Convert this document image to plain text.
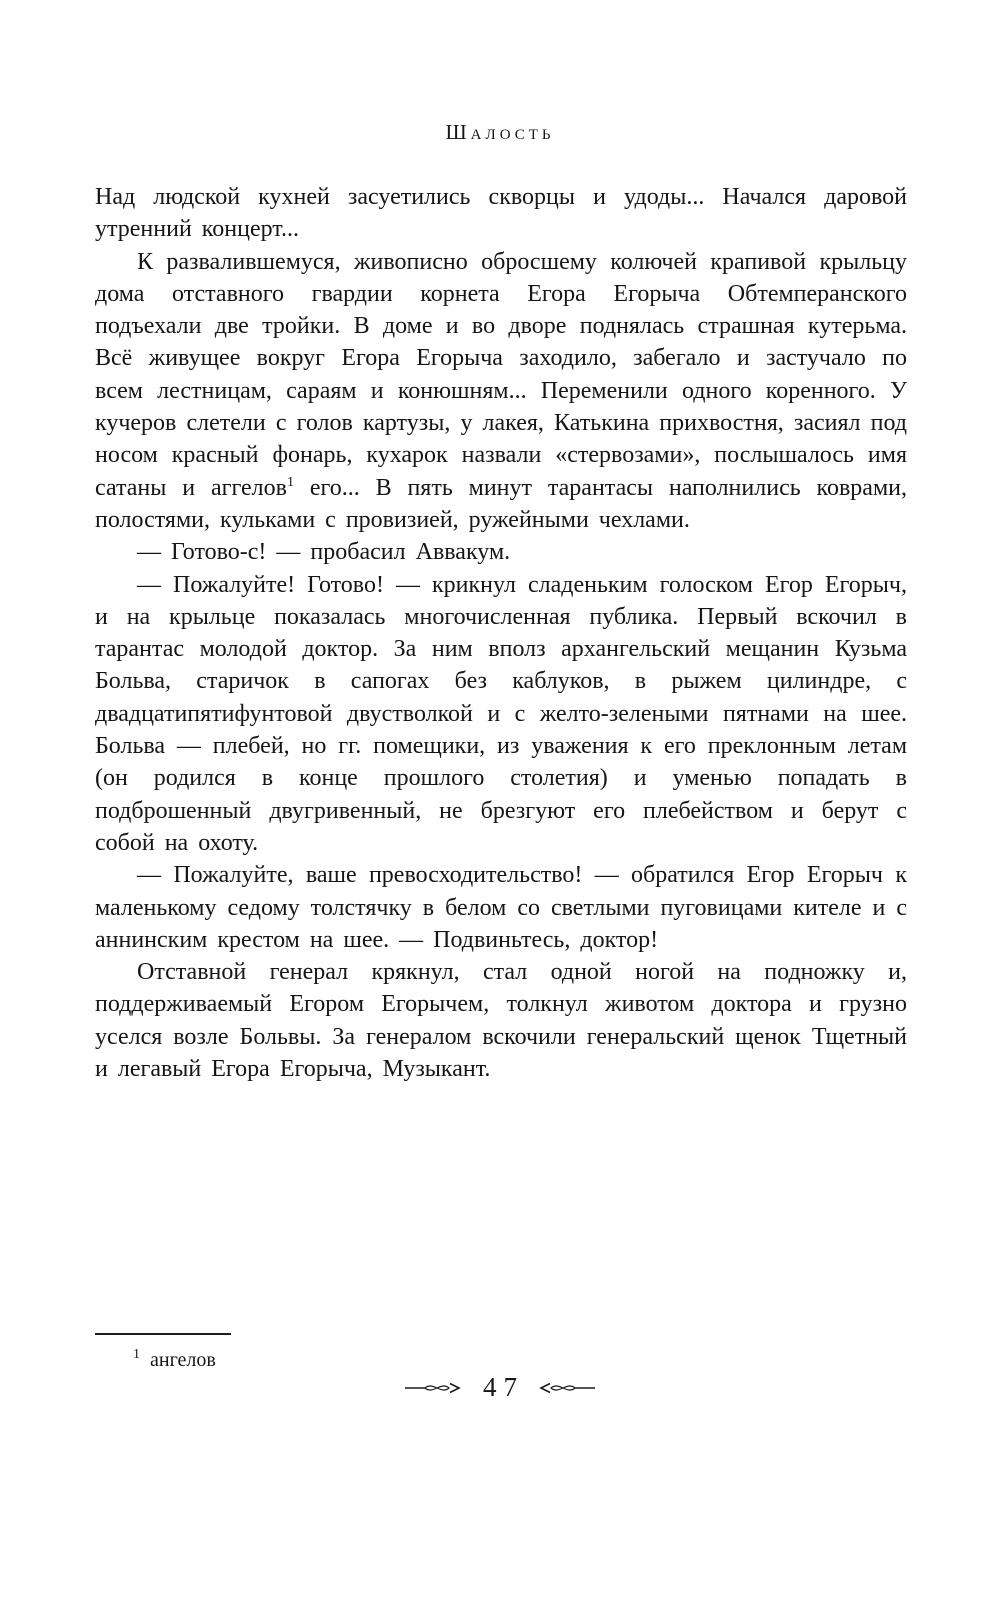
Шалость

Над людской кухней засуетились скворцы и удоды... Начался даровой утренний концерт...

К развалившемуся, живописно обросшему колючей крапивой крыльцу дома отставного гвардии корнета Егора Егорыча Обтемперанского подъехали две тройки. В доме и во дворе поднялась страшная кутерьма. Всё живущее вокруг Егора Егорыча заходило, забегало и застучало по всем лестницам, сараям и конюшням... Переменили одного коренного. У кучеров слетели с голов картузы, у лакея, Катькина прихвостня, засиял под носом красный фонарь, кухарок назвали «стервозами», послышалось имя сатаны и аггелов$^1$ его... В пять минут тарантасы наполнились коврами, полостями, кульками с провизией, ружейными чехлами.

— Готово-с! — пробасил Аввакум.

— Пожалуйте! Готово! — крикнул сладеньким голоском Егор Егорыч, и на крыльце показалась многочисленная публика. Первый вскочил в тарантас молодой доктор. За ним вполз архангельский мещанин Кузьма Больва, старичок в сапогах без каблуков, в рыжем цилиндре, с двадцатипятифунтовой двустволкой и с желто-зелеными пятнами на шее. Больва — плебей, но гг. помещики, из уважения к его преклонным летам (он родился в конце прошлого столетия) и уменью попадать в подброшенный двугривенный, не брезгуют его плебейством и берут с собой на охоту.

— Пожалуйте, ваше превосходительство! — обратился Егор Егорыч к маленькому седому толстячку в белом со светлыми пуговицами кителе и с аннинским крестом на шее. — Подвиньтесь, доктор!

Отставной генерал крякнул, стал одной ногой на подножку и, поддерживаемый Егором Егорычем, толкнул животом доктора и грузно уселся возле Больвы. За генералом вскочили генеральский щенок Тщетный и легавый Егора Егорыча, Музыкант.

$^1$ ангелов
47
